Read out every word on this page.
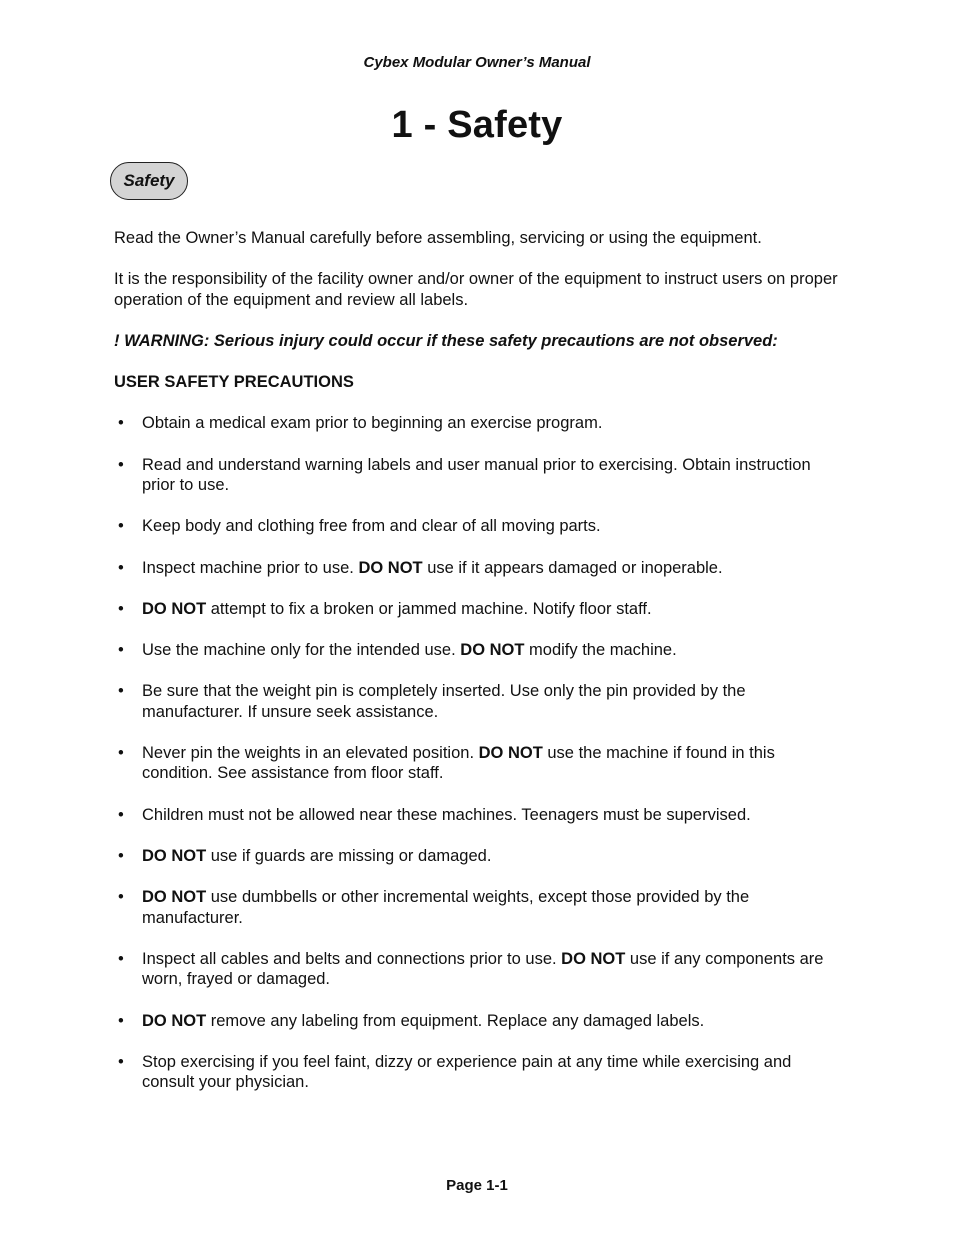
Cybex Modular Owner’s Manual
1 - Safety
Safety

Read the Owner’s Manual carefully before assembling, servicing or using the equipment.

It is the responsibility of the facility owner and/or owner of the equipment to instruct users on proper operation of the equipment and review all labels.

! WARNING: Serious injury could occur if these safety precautions are not observed:

USER SAFETY PRECAUTIONS

• Obtain a medical exam prior to beginning an exercise program.
• Read and understand warning labels and user manual prior to exercising. Obtain instruction prior to use.
• Keep body and clothing free from and clear of all moving parts.
• Inspect machine prior to use. DO NOT use if it appears damaged or inoperable.
• DO NOT attempt to fix a broken or jammed machine. Notify floor staff.
• Use the machine only for the intended use. DO NOT modify the machine.
• Be sure that the weight pin is completely inserted. Use only the pin provided by the manufacturer. If unsure seek assistance.
• Never pin the weights in an elevated position. DO NOT use the machine if found in this condition. See assistance from floor staff.
• Children must not be allowed near these machines. Teenagers must be supervised.
• DO NOT use if guards are missing or damaged.
• DO NOT use dumbbells or other incremental weights, except those provided by the manufacturer.
• Inspect all cables and belts and connections prior to use. DO NOT use if any components are worn, frayed or damaged.
• DO NOT remove any labeling from equipment. Replace any damaged labels.
• Stop exercising if you feel faint, dizzy or experience pain at any time while exercising and consult your physician.
Page 1-1
